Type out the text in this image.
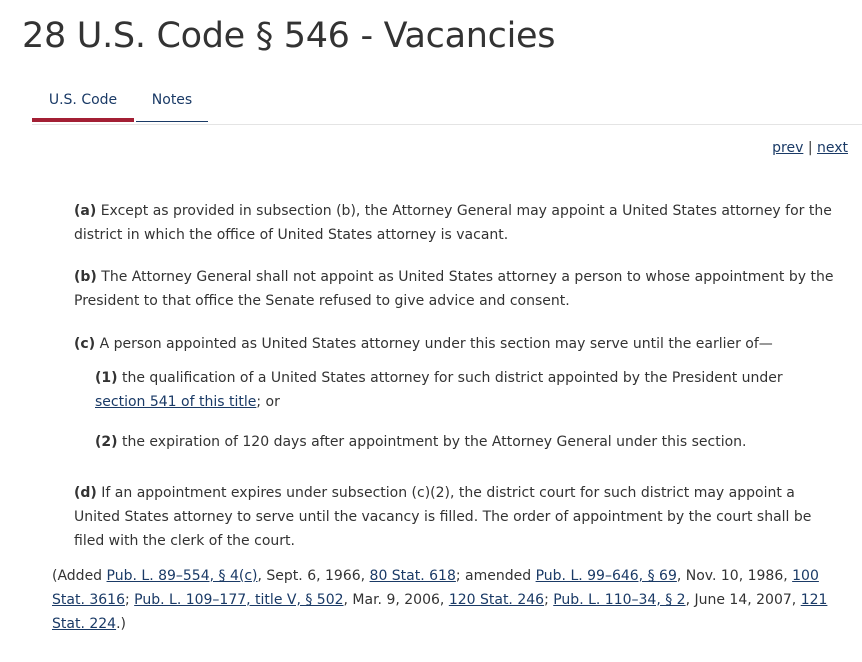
28 U.S. Code § 546 - Vacancies
U.S. Code	Notes
prev | next

(a) Except as provided in subsection (b), the Attorney General may appoint a United States attorney for the district in which the office of United States attorney is vacant.

(b) The Attorney General shall not appoint as United States attorney a person to whose appointment by the President to that office the Senate refused to give advice and consent.

(c) A person appointed as United States attorney under this section may serve until the earlier of—

(1) the qualification of a United States attorney for such district appointed by the President under section 541 of this title; or

(2) the expiration of 120 days after appointment by the Attorney General under this section.

(d) If an appointment expires under subsection (c)(2), the district court for such district may appoint a United States attorney to serve until the vacancy is filled. The order of appointment by the court shall be filed with the clerk of the court.

(Added Pub. L. 89–554, § 4(c), Sept. 6, 1966, 80 Stat. 618; amended Pub. L. 99–646, § 69, Nov. 10, 1986, 100 Stat. 3616; Pub. L. 109–177, title V, § 502, Mar. 9, 2006, 120 Stat. 246; Pub. L. 110–34, § 2, June 14, 2007, 121 Stat. 224.)
